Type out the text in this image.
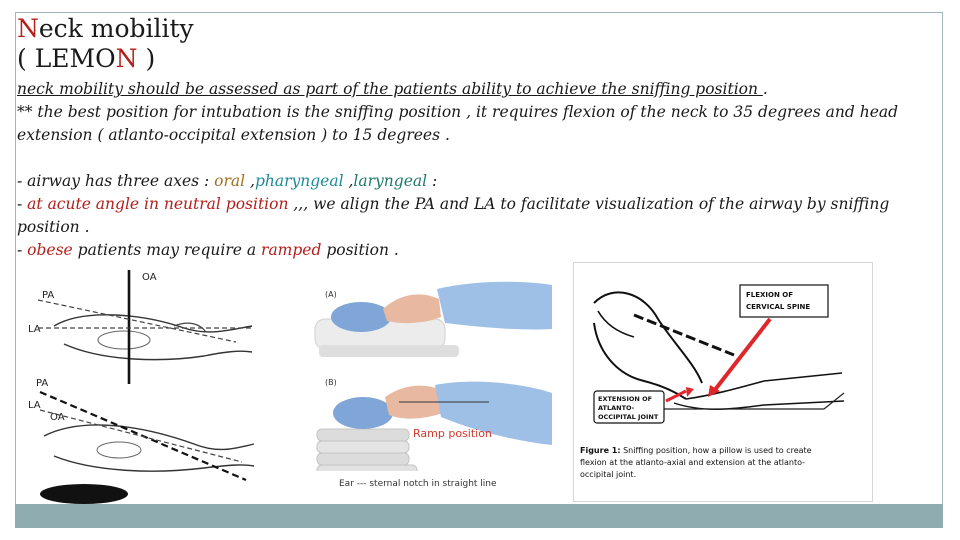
Neck mobility
( LEMON )

neck mobility should be assessed as part of the patients ability to achieve the sniffing position .

** the best position for intubation is the sniffing position , it requires flexion of the neck to 35 degrees and head extension ( atlanto-occipital extension ) to 15 degrees .

- airway has three axes : oral ,pharyngeal ,laryngeal :

- at acute angle in neutral position ,,, we align the PA and LA to facilitate visualization of the airway by sniffing position .

- obese patients may require a ramped position .

OA
PA
LA
PA
LA
OA
(A)
(B)
Ramp position
Ear --- sternal notch in straight line
EXTENSION OF
ATLANTO-
OCCIPITAL JOINT
FLEXION OF
CERVICAL SPINE
Figure 1: Sniffing position, how a pillow is used to create
flexion at the atlanto-axial and extension at the atlanto-
occipital joint.
